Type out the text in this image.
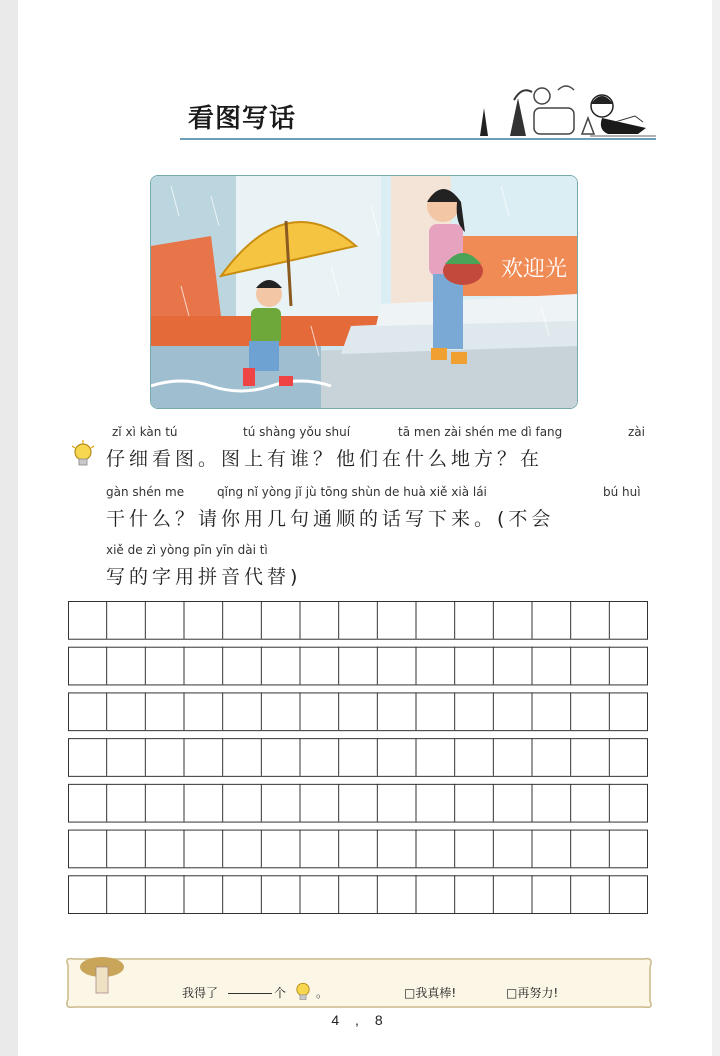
看图写话
欢迎光
zǐ xì kàn tú	tú shàng yǒu shuí	tā men zài shén me dì fang	zài
仔细看图。图上有谁？他们在什么地方？在
gàn shén me	qǐng nǐ yòng jǐ jù tōng shùn de huà xiě xià lái	bú huì
干什么？请你用几句通顺的话写下来。(不会
xiě de zì yòng pīn yīn dài tì
写的字用拼音代替)
我得了	个 。	□我真棒!	□再努力!
4 , 8
